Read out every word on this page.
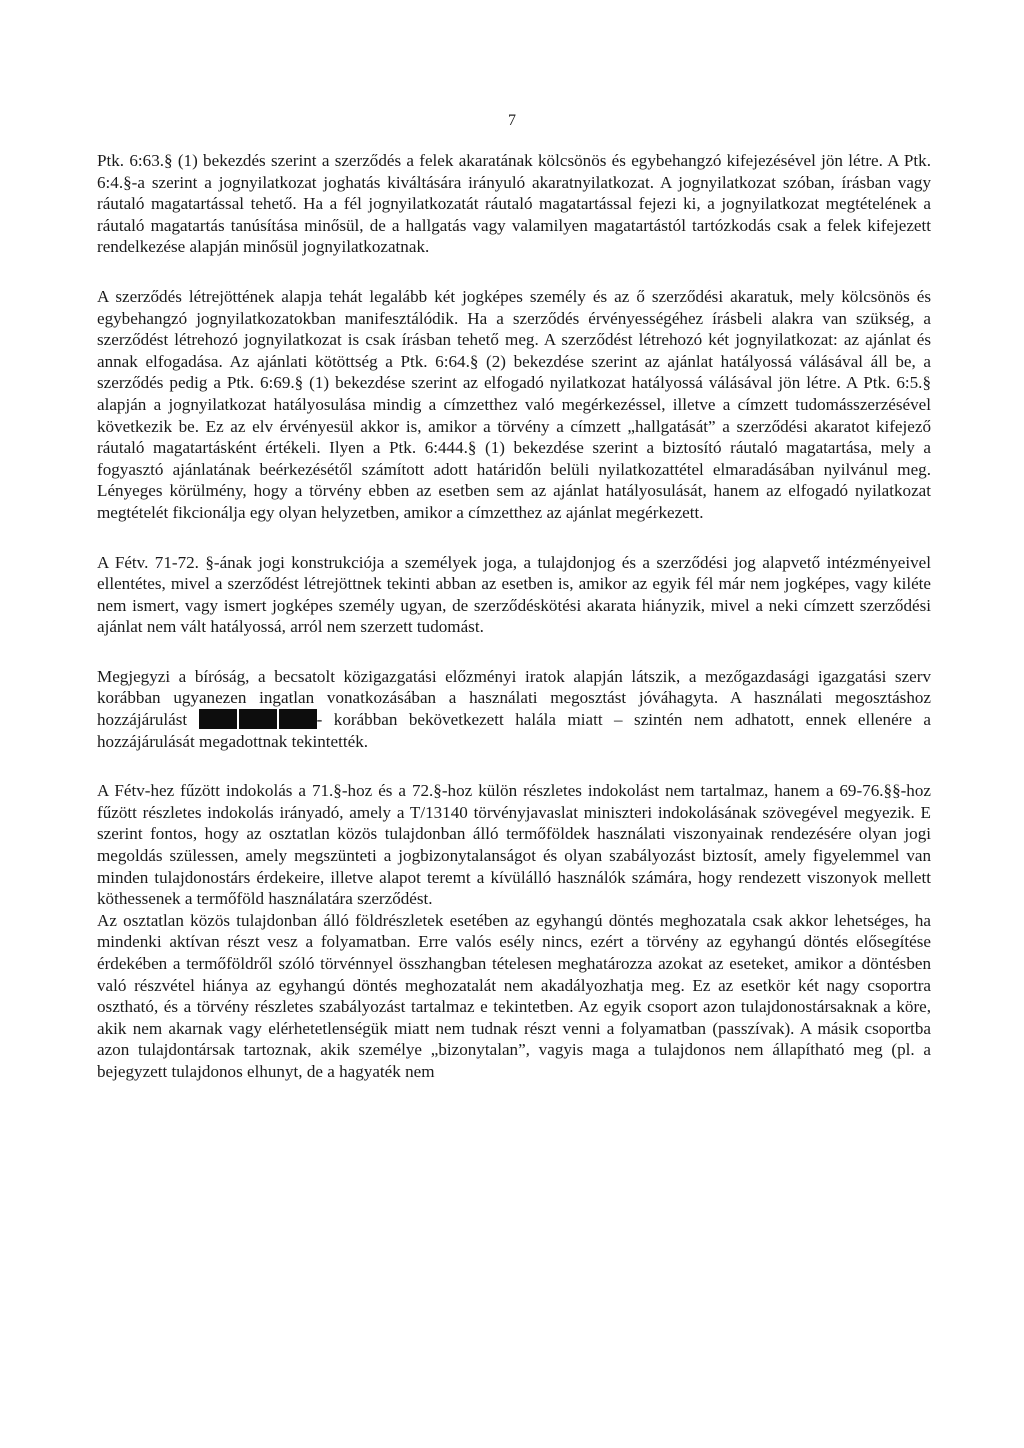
7

Ptk. 6:63.§ (1) bekezdés szerint a szerződés a felek akaratának kölcsönös és egybehangzó kifejezésével jön létre. A Ptk. 6:4.§-a szerint a jognyilatkozat joghatás kiváltására irányuló akaratnyilatkozat. A jognyilatkozat szóban, írásban vagy ráutaló magatartással tehető. Ha a fél jognyilatkozatát ráutaló magatartással fejezi ki, a jognyilatkozat megtételének a ráutaló magatartás tanúsítása minősül, de a hallgatás vagy valamilyen magatartástól tartózkodás csak a felek kifejezett rendelkezése alapján minősül jognyilatkozatnak.

A szerződés létrejöttének alapja tehát legalább két jogképes személy és az ő szerződési akaratuk, mely kölcsönös és egybehangzó jognyilatkozatokban manifesztálódik. Ha a szerződés érvényességéhez írásbeli alakra van szükség, a szerződést létrehozó jognyilatkozat is csak írásban tehető meg. A szerződést létrehozó két jognyilatkozat: az ajánlat és annak elfogadása. Az ajánlati kötöttség a Ptk. 6:64.§ (2) bekezdése szerint az ajánlat hatályossá válásával áll be, a szerződés pedig a Ptk. 6:69.§ (1) bekezdése szerint az elfogadó nyilatkozat hatályossá válásával jön létre. A Ptk. 6:5.§ alapján a jognyilatkozat hatályosulása mindig a címzetthez való megérkezéssel, illetve a címzett tudomásszerzésével következik be. Ez az elv érvényesül akkor is, amikor a törvény a címzett „hallgatását” a szerződési akaratot kifejező ráutaló magatartásként értékeli. Ilyen a Ptk. 6:444.§ (1) bekezdése szerint a biztosító ráutaló magatartása, mely a fogyasztó ajánlatának beérkezésétől számított adott határidőn belüli nyilatkozattétel elmaradásában nyilvánul meg. Lényeges körülmény, hogy a törvény ebben az esetben sem az ajánlat hatályosulását, hanem az elfogadó nyilatkozat megtételét fikcionálja egy olyan helyzetben, amikor a címzetthez az ajánlat megérkezett.

A Fétv. 71-72. §-ának jogi konstrukciója a személyek joga, a tulajdonjog és a szerződési jog alapvető intézményeivel ellentétes, mivel a szerződést létrejöttnek tekinti abban az esetben is, amikor az egyik fél már nem jogképes, vagy kiléte nem ismert, vagy ismert jogképes személy ugyan, de szerződéskötési akarata hiányzik, mivel a neki címzett szerződési ajánlat nem vált hatályossá, arról nem szerzett tudomást.

Megjegyzi a bíróság, a becsatolt közigazgatási előzményi iratok alapján látszik, a mezőgazdasági igazgatási szerv korábban ugyanezen ingatlan vonatkozásában a használati megosztást jóváhagyta. A használati megosztáshoz hozzájárulást	- korábban bekövetkezett halála miatt – szintén nem adhatott, ennek ellenére a hozzájárulását megadottnak tekintették.

A Fétv-hez fűzött indokolás a 71.§-hoz és a 72.§-hoz külön részletes indokolást nem tartalmaz, hanem a 69-76.§§-hoz fűzött részletes indokolás irányadó, amely a T/13140 törvényjavaslat miniszteri indokolásának szövegével megyezik. E szerint fontos, hogy az osztatlan közös tulajdonban álló termőföldek használati viszonyainak rendezésére olyan jogi megoldás szülessen, amely megszünteti a jogbizonytalanságot és olyan szabályozást biztosít, amely figyelemmel van minden tulajdonostárs érdekeire, illetve alapot teremt a kívülálló használók számára, hogy rendezett viszonyok mellett köthessenek a termőföld használatára szerződést.

Az osztatlan közös tulajdonban álló földrészletek esetében az egyhangú döntés meghozatala csak akkor lehetséges, ha mindenki aktívan részt vesz a folyamatban. Erre valós esély nincs, ezért a törvény az egyhangú döntés elősegítése érdekében a termőföldről szóló törvénnyel összhangban tételesen meghatározza azokat az eseteket, amikor a döntésben való részvétel hiánya az egyhangú döntés meghozatalát nem akadályozhatja meg. Ez az esetkör két nagy csoportra osztható, és a törvény részletes szabályozást tartalmaz e tekintetben. Az egyik csoport azon tulajdonostársaknak a köre, akik nem akarnak vagy elérhetetlenségük miatt nem tudnak részt venni a folyamatban (passzívak). A másik csoportba azon tulajdontársak tartoznak, akik személye „bizonytalan”, vagyis maga a tulajdonos nem állapítható meg (pl. a bejegyzett tulajdonos elhunyt, de a hagyaték nem
